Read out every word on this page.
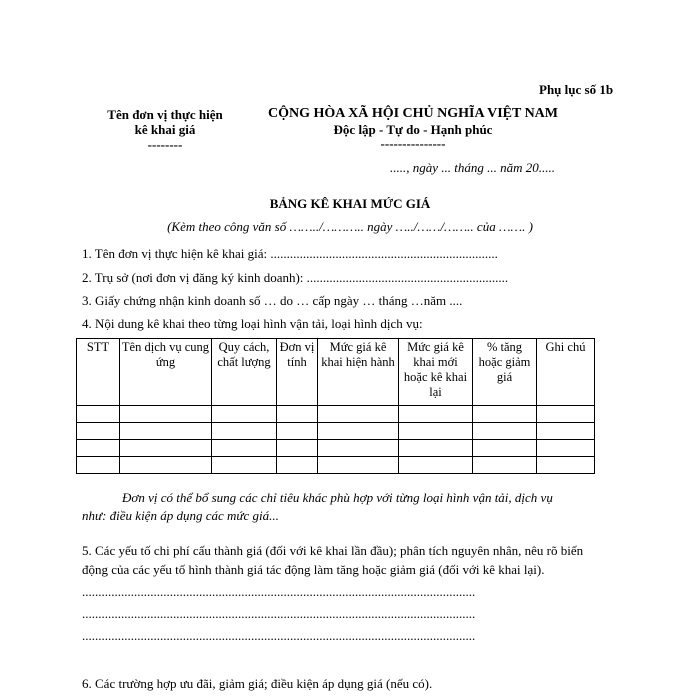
Phụ lục số 1b
Tên đơn vị thực hiện
kê khai giá
--------
CỘNG HÒA XÃ HỘI CHỦ NGHĨA VIỆT NAM
Độc lập - Tự do - Hạnh phúc
---------------
....., ngày ... tháng ... năm 20.....
BẢNG KÊ KHAI MỨC GIÁ
(Kèm theo công văn số ……../……….. ngày …../……/…….. của ……. )
1. Tên đơn vị thực hiện kê khai giá: ......................................................................
2. Trụ sở (nơi đơn vị đăng ký kinh doanh): ..............................................................
3. Giấy chứng nhận kinh doanh số … do … cấp ngày … tháng …năm ....
4. Nội dung kê khai theo từng loại hình vận tải, loại hình dịch vụ:
STT	Tên dịch vụ cung ứng	Quy cách, chất lượng	Đơn vị tính	Mức giá kê khai hiện hành	Mức giá kê khai mới hoặc kê khai lại	% tăng hoặc giảm giá	Ghi chú

Đơn vị có thể bổ sung các chỉ tiêu khác phù hợp với từng loại hình vận tải, dịch vụ
như: điều kiện áp dụng các mức giá...
5. Các yếu tố chi phí cấu thành giá (đối với kê khai lần đầu); phân tích nguyên nhân, nêu rõ biến
động của các yếu tố hình thành giá tác động làm tăng hoặc giảm giá (đối với kê khai lại).
.........................................................................................................................
.........................................................................................................................
.........................................................................................................................
6. Các trường hợp ưu đãi, giảm giá; điều kiện áp dụng giá (nếu có).
